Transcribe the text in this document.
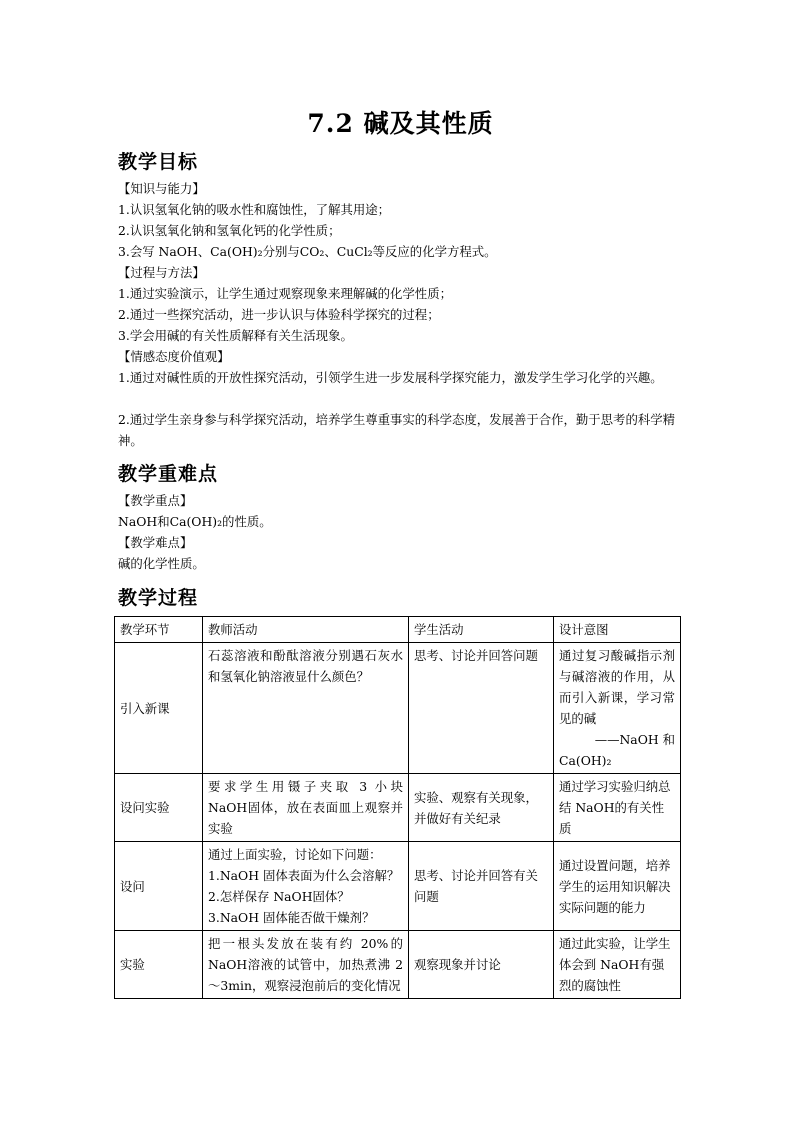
7.2 碱及其性质
教学目标
【知识与能力】
1.认识氢氧化钠的吸水性和腐蚀性，了解其用途；
2.认识氢氧化钠和氢氧化钙的化学性质；
3.会写 NaOH、Ca(OH)₂分别与CO₂、CuCl₂等反应的化学方程式。
【过程与方法】
1.通过实验演示，让学生通过观察现象来理解碱的化学性质；
2.通过一些探究活动，进一步认识与体验科学探究的过程；
3.学会用碱的有关性质解释有关生活现象。
【情感态度价值观】
1.通过对碱性质的开放性探究活动，引领学生进一步发展科学探究能力，激发学生学习化学的兴趣。
2.通过学生亲身参与科学探究活动，培养学生尊重事实的科学态度，发展善于合作，勤于思考的科学精神。
教学重难点
【教学重点】
NaOH和Ca(OH)₂的性质。
【教学难点】
碱的化学性质。
教学过程
教学环节	教师活动	学生活动	设计意图
引入新课	石蕊溶液和酚酞溶液分别遇石灰水和氢氧化钠溶液显什么颜色？	思考、讨论并回答问题	通过复习酸碱指示剂与碱溶液的作用，从而引入新课，学习常见的碱
——NaOH 和
Ca(OH)₂

设问实验	要求学生用镊子夹取 3 小块 NaOH固体，放在表面皿上观察并实验	实验、观察有关现象，并做好有关纪录	通过学习实验归纳总结 NaOH的有关性质
设问	通过上面实验，讨论如下问题：
1.NaOH 固体表面为什么会溶解？
2.怎样保存 NaOH固体？
3.NaOH 固体能否做干燥剂？	思考、讨论并回答有关问题	通过设置问题，培养学生的运用知识解决实际问题的能力
实验	把一根头发放在装有约 20%的 NaOH溶液的试管中，加热煮沸 2～3min，观察浸泡前后的变化情况	观察现象并讨论	通过此实验，让学生体会到 NaOH有强烈的腐蚀性
